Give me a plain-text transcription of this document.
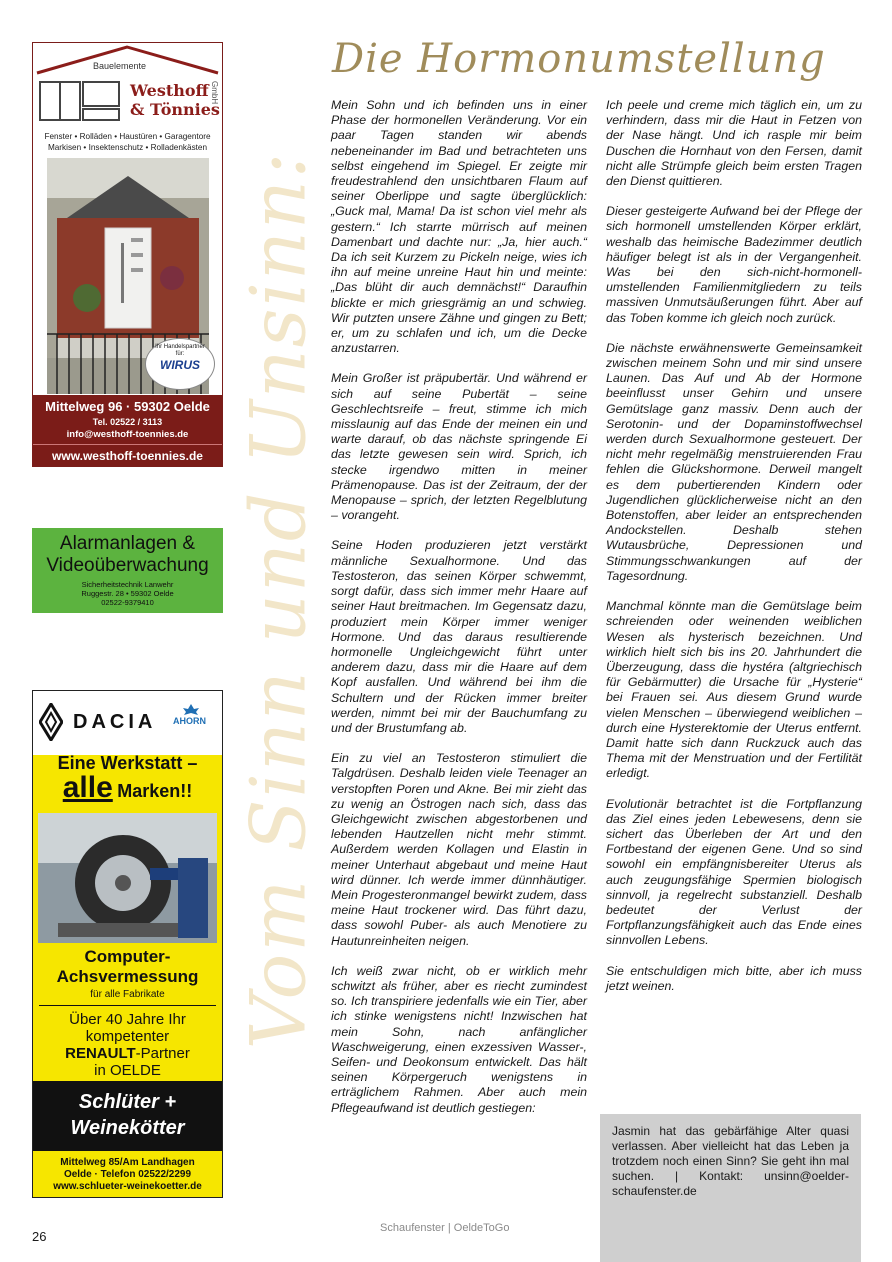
Vom Sinn und Unsinn:
Die Hormonumstellung

Mein Sohn und ich befinden uns in einer Phase der hormonellen Veränderung. Vor ein paar Tagen standen wir abends nebeneinander im Bad und betrachteten uns selbst eingehend im Spiegel. Er zeigte mir freudestrahlend den unsichtbaren Flaum auf seiner Oberlippe und sagte überglücklich: „Guck mal, Mama! Da ist schon viel mehr als gestern.“ Ich starrte mürrisch auf meinen Damenbart und dachte nur: „Ja, hier auch.“ Da ich seit Kurzem zu Pickeln neige, wies ich ihn auf meine unreine Haut hin und meinte: „Das blüht dir auch demnächst!“ Daraufhin blickte er mich griesgrämig an und schwieg. Wir putzten unsere Zähne und gingen zu Bett; er, um zu schlafen und ich, um die Decke anzustarren.

Mein Großer ist präpubertär. Und während er sich auf seine Pubertät – seine Geschlechtsreife – freut, stimme ich mich misslaunig auf das Ende der meinen ein und warte darauf, ob das nächste springende Ei das letzte gewesen sein wird. Sprich, ich stecke irgendwo mitten in meiner Prämenopause. Das ist der Zeitraum, der der Menopause – sprich, der letzten Regelblutung – vorangeht.

Seine Hoden produzieren jetzt verstärkt männliche Sexualhormone. Und das Testosteron, das seinen Körper schwemmt, sorgt dafür, dass sich immer mehr Haare auf seiner Haut breitmachen. Im Gegensatz dazu, produziert mein Körper immer weniger Hormone. Und das daraus resultierende hormonelle Ungleichgewicht führt unter anderem dazu, dass mir die Haare auf dem Kopf ausfallen. Und während bei ihm die Schultern und der Rücken immer breiter werden, nimmt bei mir der Bauchumfang zu und der Brustumfang ab.

Ein zu viel an Testosteron stimuliert die Talgdrüsen. Deshalb leiden viele Teenager an verstopften Poren und Akne. Bei mir zieht das zu wenig an Östrogen nach sich, dass das Gleichgewicht zwischen abgestorbenen und lebenden Hautzellen nicht mehr stimmt. Außerdem werden Kollagen und Elastin in meiner Unterhaut abgebaut und meine Haut wird dünner. Ich werde immer dünnhäutiger. Mein Progesteronmangel bewirkt zudem, dass meine Haut trockener wird. Das führt dazu, dass sowohl Puber- als auch Menotiere zu Hautunreinheiten neigen.

Ich weiß zwar nicht, ob er wirklich mehr schwitzt als früher, aber es riecht zumindest so. Ich transpiriere jedenfalls wie ein Tier, aber ich stinke wenigstens nicht! Inzwischen hat mein Sohn, nach anfänglicher Waschweigerung, einen exzessiven Wasser-, Seifen- und Deokonsum entwickelt. Das hält seinen Körpergeruch wenigstens in erträglichem Rahmen. Aber auch mein Pflegeaufwand ist deutlich gestiegen:

Ich peele und creme mich täglich ein, um zu verhindern, dass mir die Haut in Fetzen von der Nase hängt. Und ich rasple mir beim Duschen die Hornhaut von den Fersen, damit nicht alle Strümpfe gleich beim ersten Tragen den Dienst quittieren.

Dieser gesteigerte Aufwand bei der Pflege der sich hormonell umstellenden Körper erklärt, weshalb das heimische Badezimmer deutlich häufiger belegt ist als in der Vergangenheit. Was bei den sich-nicht-hormonell-umstellenden Familienmitgliedern zu teils massiven Unmutsäußerungen führt. Aber auf das Toben komme ich gleich noch zurück.

Die nächste erwähnenswerte Gemeinsamkeit zwischen meinem Sohn und mir sind unsere Launen. Das Auf und Ab der Hormone beeinflusst unser Gehirn und unsere Gemütslage ganz massiv. Denn auch der Serotonin- und der Dopaminstoffwechsel werden durch Sexualhormone gesteuert. Der nicht mehr regelmäßig menstruierenden Frau fehlen die Glückshormone. Derweil mangelt es dem pubertierenden Kindern oder Jugendlichen glücklicherweise nicht an den Botenstoffen, aber leider an entsprechenden Andockstellen. Deshalb stehen Wutausbrüche, Depressionen und Stimmungsschwankungen auf der Tagesordnung.

Manchmal könnte man die Gemütslage beim schreienden oder weinenden weiblichen Wesen als hysterisch bezeichnen. Und wirklich hielt sich bis ins 20. Jahrhundert die Überzeugung, dass die hystéra (altgriechisch für Gebärmutter) die Ursache für „Hysterie“ bei Frauen sei. Aus diesem Grund wurde vielen Menschen – überwiegend weiblichen – durch eine Hysterektomie der Uterus entfernt. Damit hatte sich dann Ruckzuck auch das Thema mit der Menstruation und der Fertilität erledigt.

Evolutionär betrachtet ist die Fortpflanzung das Ziel eines jeden Lebewesens, denn sie sichert das Überleben der Art und den Fortbestand der eigenen Gene. Und so sind sowohl ein empfängnisbereiter Uterus als auch zeugungsfähige Spermien biologisch sinnvoll, ja regelrecht substanziell. Deshalb bedeutet der Verlust der Fortpflanzungsfähigkeit auch das Ende eines sinnvollen Lebens.

Sie entschuldigen mich bitte, aber ich muss jetzt weinen.

Jasmin hat das gebärfähige Alter quasi verlassen. Aber vielleicht hat das Leben ja trotzdem noch einen Sinn? Sie geht ihn mal suchen. | Kontakt: unsinn@oelder-schaufenster.de
26
Schaufenster | OeldeToGo
Bauelemente
Westhoff
& Tönnies
GmbH
Fenster • Rolläden • Haustüren • Garagentore
Markisen • Insektenschutz • Rolladenkästen
Ihr Handelspartner
für:
WIRUS
Mittelweg 96 · 59302 Oelde
Tel. 02522 / 3113
info@westhoff-toennies.de
www.westhoff-toennies.de
Alarmanlagen &
Videoüberwachung
Sicherheitstechnik Lanwehr
Ruggestr. 28 • 59302 Oelde
02522-9379410
DACIA AHORN
Eine Werkstatt –
alle Marken!!
Computer-
Achsvermessung
für alle Fabrikate
Über 40 Jahre Ihr
kompetenter
RENAULT-Partner
in OELDE
Schlüter +
Weinekötter
Mittelweg 85/Am Landhagen
Oelde · Telefon 02522/2299
www.schlueter-weinekoetter.de
